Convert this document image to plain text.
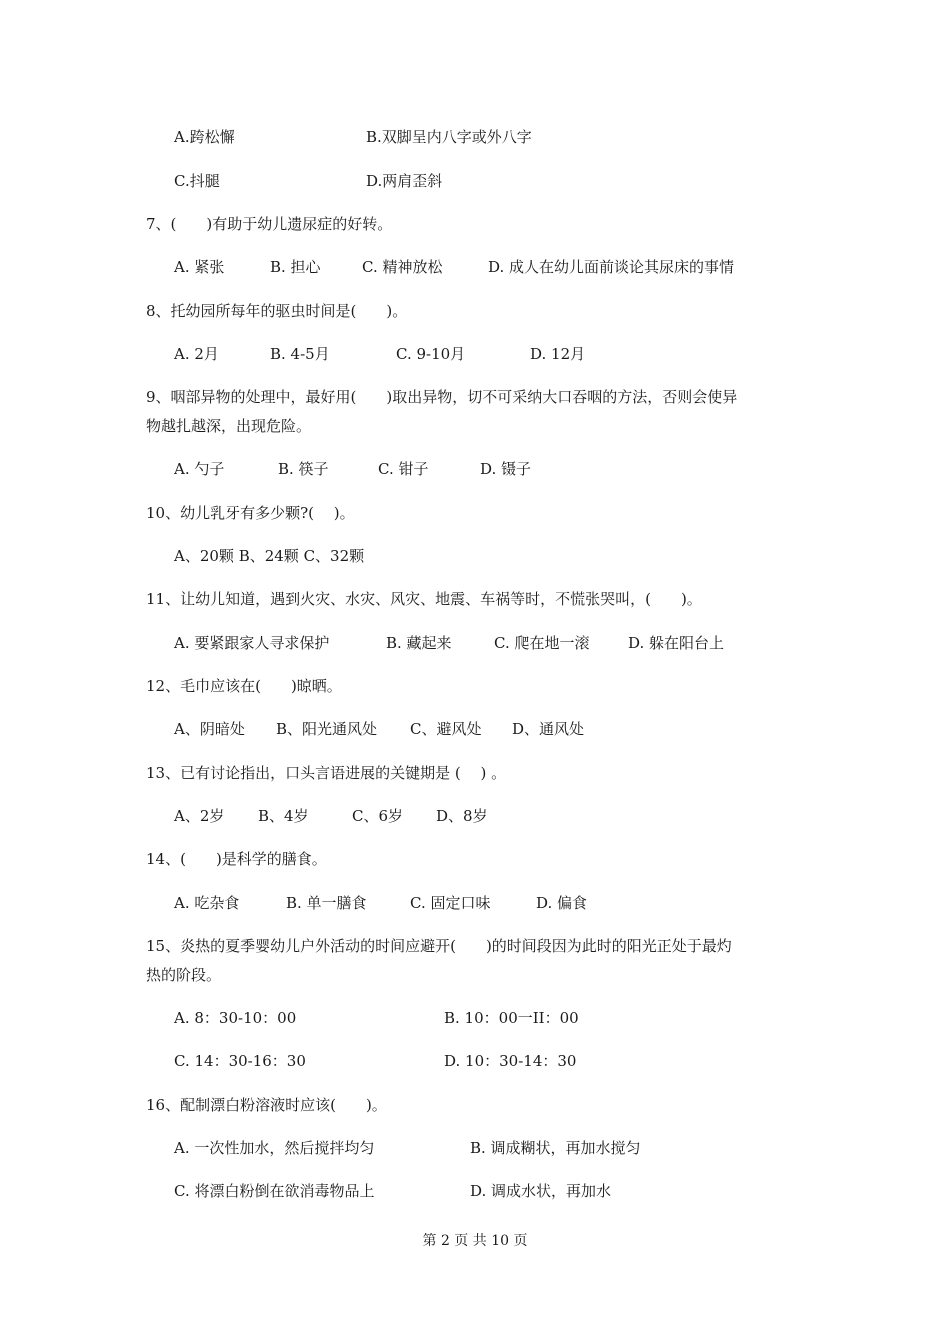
A.跨松懈	B.双脚呈内八字或外八字
C.抖腿	D.两肩歪斜
7、(　　)有助于幼儿遗尿症的好转。
A. 紧张	B. 担心	C. 精神放松	D. 成人在幼儿面前谈论其尿床的事情
8、托幼园所每年的驱虫时间是(　　)。
A. 2月	B. 4-5月	C. 9-10月	D. 12月
9、咽部异物的处理中，最好用(　　)取出异物，切不可采纳大口吞咽的方法，否则会使异
物越扎越深，出现危险。
A. 勺子	B. 筷子	C. 钳子	D. 镊子
10、幼儿乳牙有多少颗?(　 )。
A、20颗 B、24颗 C、32颗
11、让幼儿知道，遇到火灾、水灾、风灾、地震、车祸等时，不慌张哭叫，(　　)。
A. 要紧跟家人寻求保护	B. 藏起来	C. 爬在地一滚	D. 躲在阳台上
12、毛巾应该在(　　)晾晒。
A、阴暗处 B、阳光通风处 C、避风处 D、通风处
13、已有讨论指出，口头言语进展的关键期是 (　 ) 。
A、2岁 B、4岁	C、6岁 D、8岁
14、(　　)是科学的膳食。
A. 吃杂食	B. 单一膳食	C. 固定口味	D. 偏食
15、炎热的夏季婴幼儿户外活动的时间应避开(　　)的时间段因为此时的阳光正处于最灼
热的阶段。
A. 8：30-10：00	B. 10：00一II：00
C. 14：30-16：30	D. 10：30-14：30
16、配制漂白粉溶液时应该(　　)。
A. 一次性加水，然后搅拌均匀	B. 调成糊状，再加水搅匀
C. 将漂白粉倒在欲消毒物品上	D. 调成水状，再加水
第 2 页 共 10 页
